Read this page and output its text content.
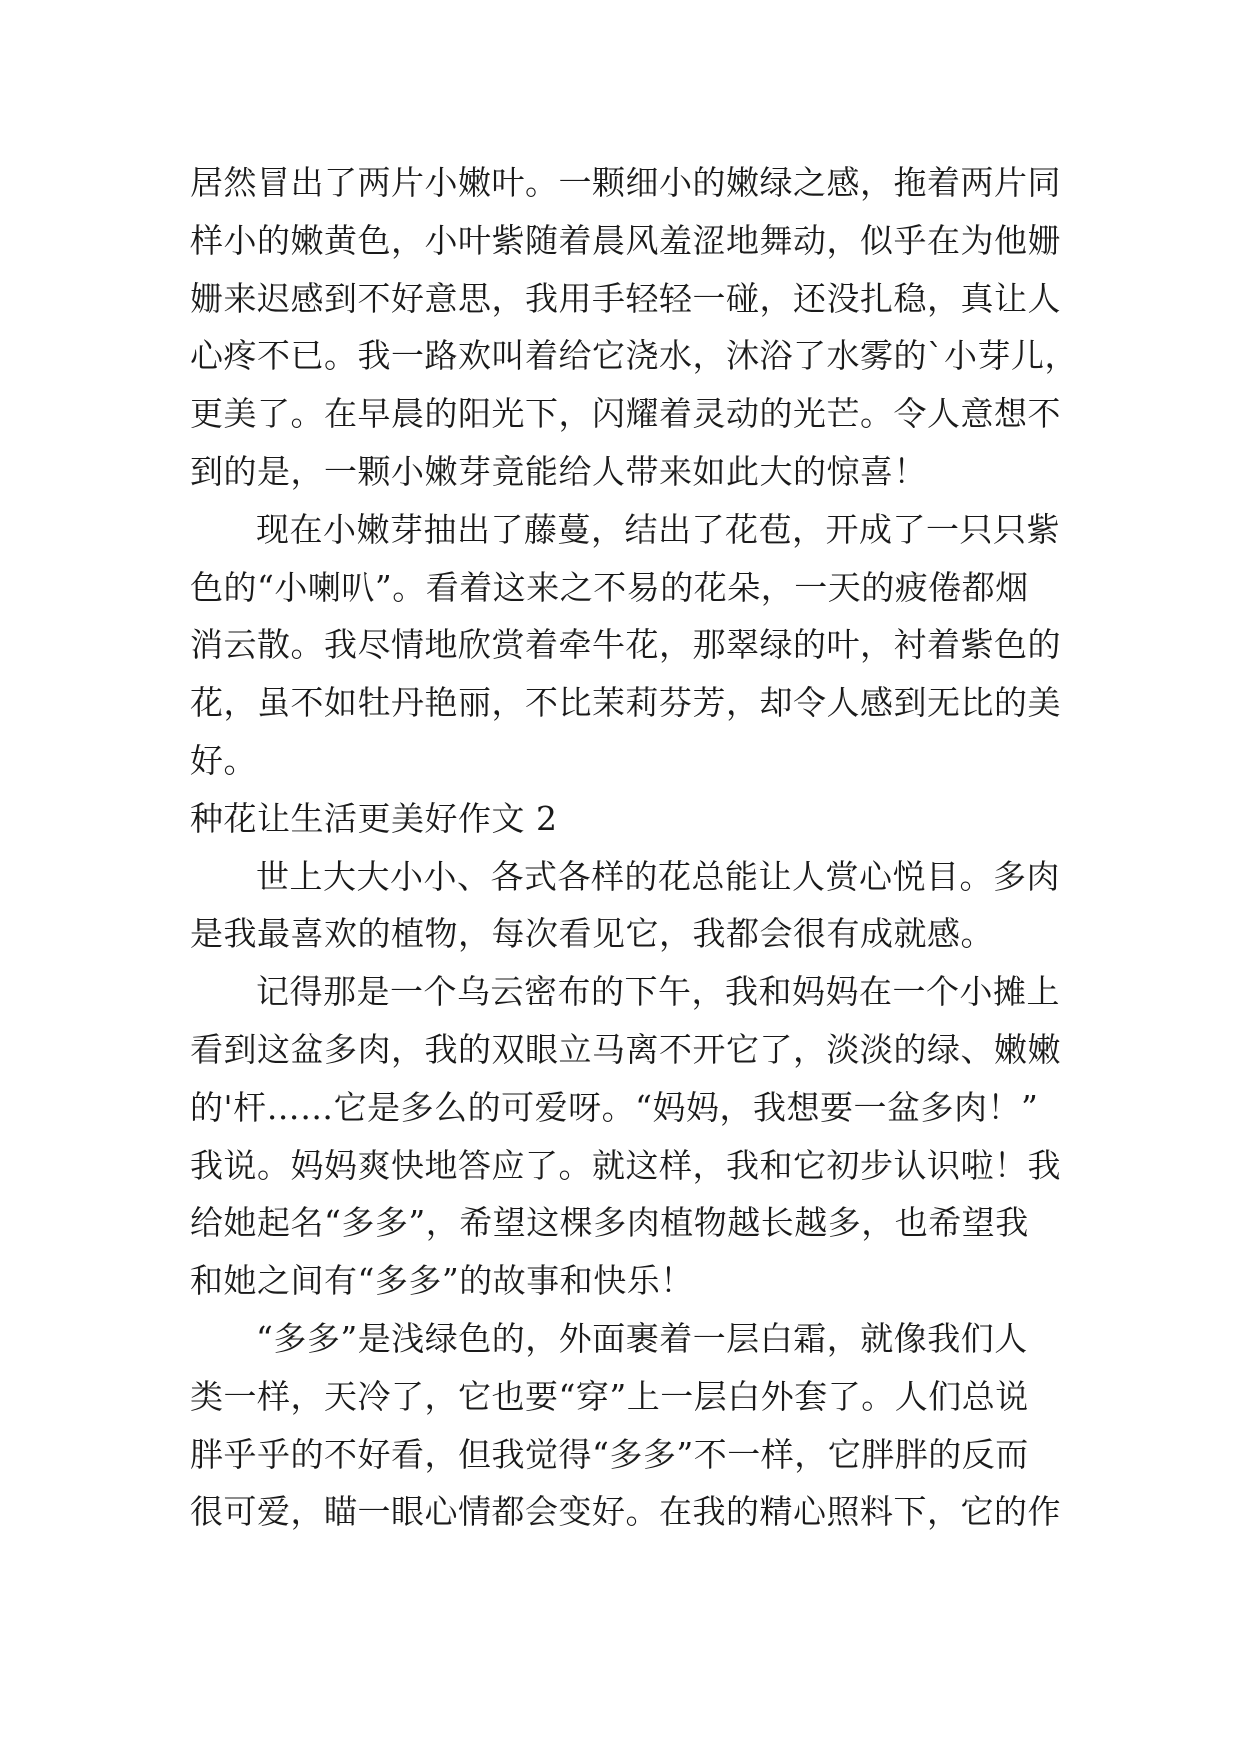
居然冒出了两片小嫩叶。一颗细小的嫩绿之感，拖着两片同
样小的嫩黄色，小叶紫随着晨风羞涩地舞动，似乎在为他姗
姗来迟感到不好意思，我用手轻轻一碰，还没扎稳，真让人
心疼不已。我一路欢叫着给它浇水，沐浴了水雾的`小芽儿，
更美了。在早晨的阳光下，闪耀着灵动的光芒。令人意想不
到的是，一颗小嫩芽竟能给人带来如此大的惊喜！
现在小嫩芽抽出了藤蔓，结出了花苞，开成了一只只紫
色的“小喇叭”。看着这来之不易的花朵，一天的疲倦都烟
消云散。我尽情地欣赏着牵牛花，那翠绿的叶，衬着紫色的
花，虽不如牡丹艳丽，不比茉莉芬芳，却令人感到无比的美
好。
种花让生活更美好作文 2
世上大大小小、各式各样的花总能让人赏心悦目。多肉
是我最喜欢的植物，每次看见它，我都会很有成就感。
记得那是一个乌云密布的下午，我和妈妈在一个小摊上
看到这盆多肉，我的双眼立马离不开它了，淡淡的绿、嫩嫩
的'杆……它是多么的可爱呀。“妈妈，我想要一盆多肉！”
我说。妈妈爽快地答应了。就这样，我和它初步认识啦！我
给她起名“多多”，希望这棵多肉植物越长越多，也希望我
和她之间有“多多”的故事和快乐！
“多多”是浅绿色的，外面裹着一层白霜，就像我们人
类一样，天冷了，它也要“穿”上一层白外套了。人们总说
胖乎乎的不好看，但我觉得“多多”不一样，它胖胖的反而
很可爱，瞄一眼心情都会变好。在我的精心照料下，它的作
